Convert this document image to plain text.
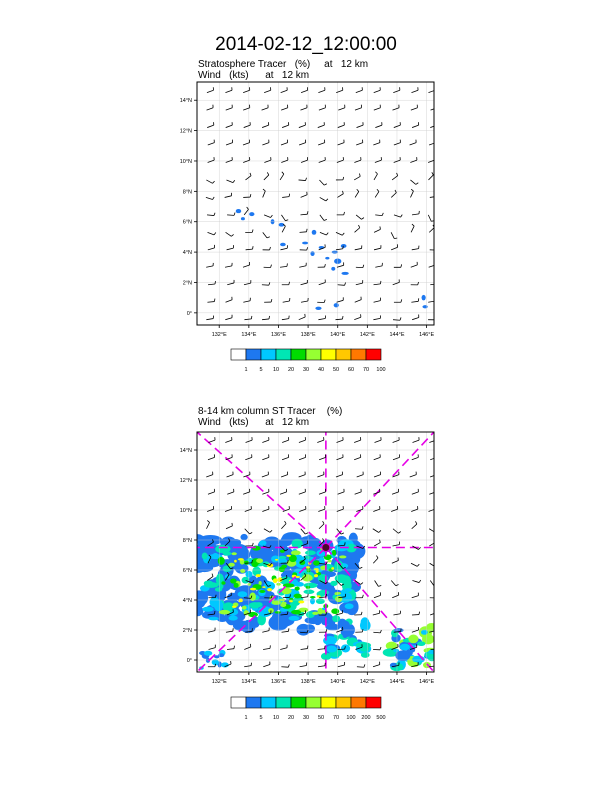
2014-02-12_12:00:00
Stratosphere Tracer   (%)     at   12 km
Wind   (kts)      at   12 km
8-14 km column ST Tracer    (%)
Wind   (kts)      at   12 km
132°E	134°E	136°E	138°E	140°E	142°E	144°E	146°E
0°
2°N
4°N
6°N
8°N
10°N
12°N
14°N
1 5 10 20 30 40 50 60 70 100
132°E	134°E	136°E	138°E	140°E	142°E	144°E	146°E
0°
2°N
4°N
6°N
8°N
10°N
12°N
14°N
1 5 10 20 30 50 70 100 200 500
